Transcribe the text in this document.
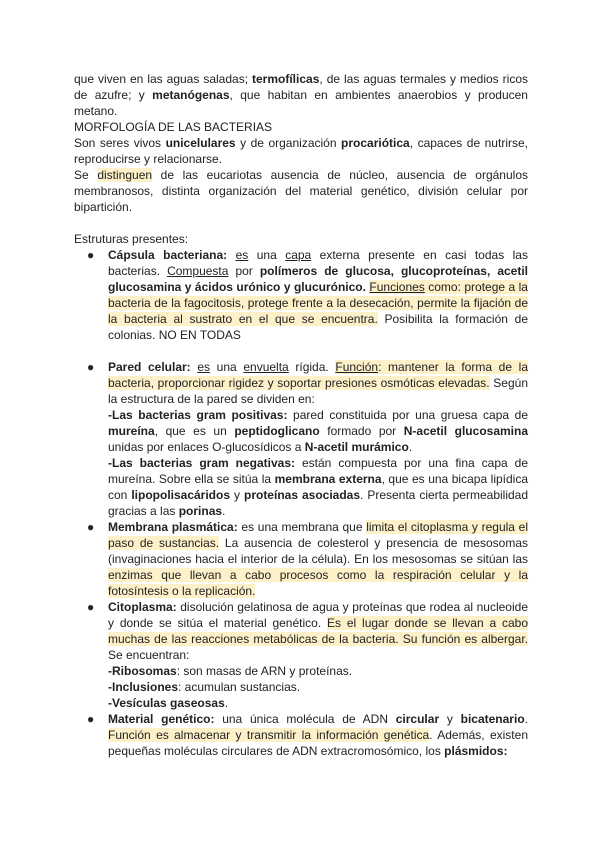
que viven en las aguas saladas; termofílicas, de las aguas termales y medios ricos de azufre; y metanógenas, que habitan en ambientes anaerobios y producen metano.

MORFOLOGÍA DE LAS BACTERIAS

Son seres vivos unicelulares y de organización procariótica, capaces de nutrirse, reproducirse y relacionarse.

Se distinguen de las eucariotas ausencia de núcleo, ausencia de orgánulos membranosos, distinta organización del material genético, división celular por bipartición.

Estruturas presentes:
● Cápsula bacteriana: es una capa externa presente en casi todas las bacterias. Compuesta por polímeros de glucosa, glucoproteínas, acetil glucosamina y ácidos urónico y glucurónico. Funciones como: protege a la bacteria de la fagocitosis, protege frente a la desecación, permite la fijación de la bacteria al sustrato en el que se encuentra. Posibilita la formación de colonias. NO EN TODAS

● Pared celular: es una envuelta rígida. Función: mantener la forma de la bacteria, proporcionar rigidez y soportar presiones osmóticas elevadas. Según la estructura de la pared se dividen en:

-Las bacterias gram positivas: pared constituida por una gruesa capa de mureína, que es un peptidoglicano formado por N-acetil glucosamina unidas por enlaces O-glucosídicos a N-acetil murámico.

-Las bacterias gram negativas: están compuesta por una fina capa de mureína. Sobre ella se sitúa la membrana externa, que es una bicapa lipídica con lipopolisacáridos y proteínas asociadas. Presenta cierta permeabilidad gracias a las porinas.

● Membrana plasmática: es una membrana que limita el citoplasma y regula el paso de sustancias. La ausencia de colesterol y presencia de mesosomas (invaginaciones hacia el interior de la célula). En los mesosomas se sitúan las enzimas que llevan a cabo procesos como la respiración celular y la fotosíntesis o la replicación.

● Citoplasma: disolución gelatinosa de agua y proteínas que rodea al nucleoide y donde se sitúa el material genético. Es el lugar donde se llevan a cabo muchas de las reacciones metabólicas de la bacteria. Su función es albergar. Se encuentran:

-Ribosomas: son masas de ARN y proteínas.

-Inclusiones: acumulan sustancias.

-Vesículas gaseosas.

● Material genético: una única molécula de ADN circular y bicatenario. Función es almacenar y transmitir la información genética. Además, existen pequeñas moléculas circulares de ADN extracromosómico, los plásmidos:
